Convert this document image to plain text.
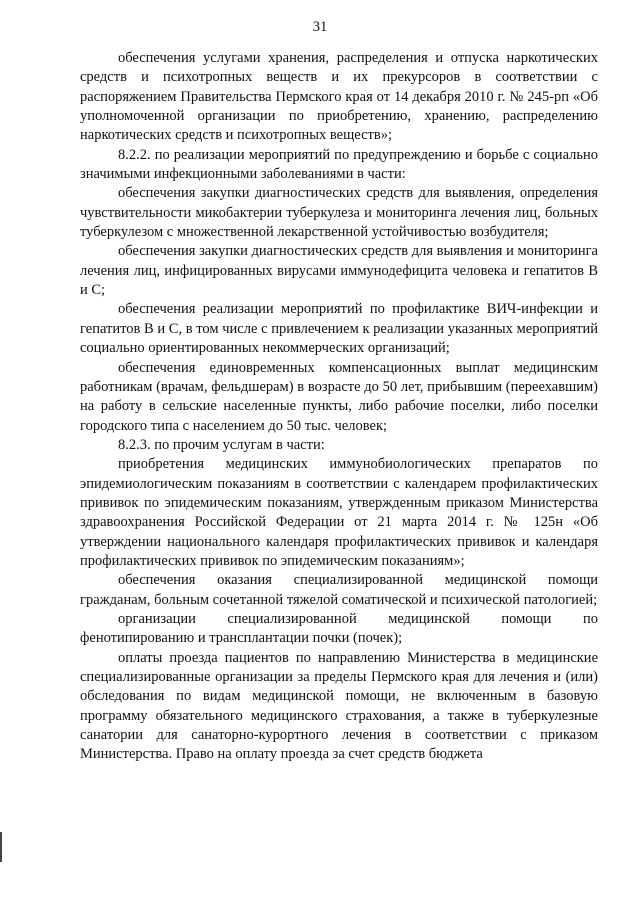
31

обеспечения услугами хранения, распределения и отпуска наркотических средств и психотропных веществ и их прекурсоров в соответствии с распоряжением Правительства Пермского края от 14 декабря 2010 г. № 245-рп «Об уполномоченной организации по приобретению, хранению, распределению наркотических средств и психотропных веществ»;

8.2.2. по реализации мероприятий по предупреждению и борьбе с социально значимыми инфекционными заболеваниями в части:

обеспечения закупки диагностических средств для выявления, определения чувствительности микобактерии туберкулеза и мониторинга лечения лиц, больных туберкулезом с множественной лекарственной устойчивостью возбудителя;

обеспечения закупки диагностических средств для выявления и мониторинга лечения лиц, инфицированных вирусами иммунодефицита человека и гепатитов В и С;

обеспечения реализации мероприятий по профилактике ВИЧ-инфекции и гепатитов В и С, в том числе с привлечением к реализации указанных мероприятий социально ориентированных некоммерческих организаций;

обеспечения единовременных компенсационных выплат медицинским работникам (врачам, фельдшерам) в возрасте до 50 лет, прибывшим (переехавшим) на работу в сельские населенные пункты, либо рабочие поселки, либо поселки городского типа с населением до 50 тыс. человек;

8.2.3. по прочим услугам в части:

приобретения медицинских иммунобиологических препаратов по эпидемиологическим показаниям в соответствии с календарем профилактических прививок по эпидемическим показаниям, утвержденным приказом Министерства здравоохранения Российской Федерации от 21 марта 2014 г. № 125н «Об утверждении национального календаря профилактических прививок и календаря профилактических прививок по эпидемическим показаниям»;

обеспечения оказания специализированной медицинской помощи гражданам, больным сочетанной тяжелой соматической и психической патологией;

организации специализированной медицинской помощи по фенотипированию и трансплантации почки (почек);

оплаты проезда пациентов по направлению Министерства в медицинские специализированные организации за пределы Пермского края для лечения и (или) обследования по видам медицинской помощи, не включенным в базовую программу обязательного медицинского страхования, а также в туберкулезные санатории для санаторно-курортного лечения в соответствии с приказом Министерства. Право на оплату проезда за счет средств бюджета
